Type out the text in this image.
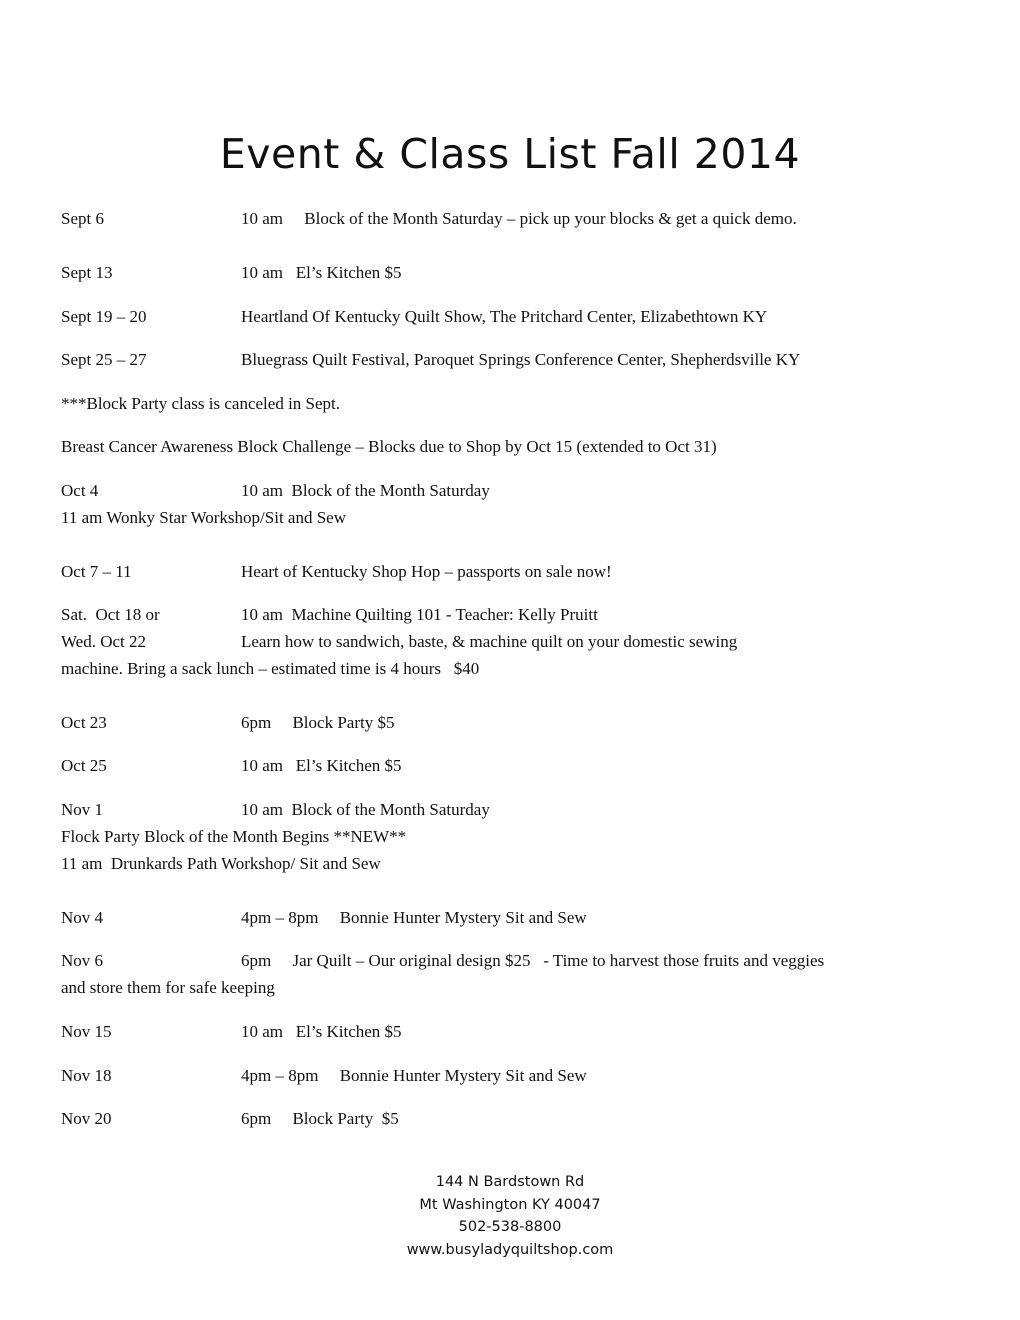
Event & Class List Fall 2014
Sept 6	10 am     Block of the Month Saturday – pick up your blocks & get a quick demo.
Sept 13	10 am   El’s Kitchen $5
Sept 19 – 20	Heartland Of Kentucky Quilt Show, The Pritchard Center, Elizabethtown KY
Sept 25 – 27	Bluegrass Quilt Festival, Paroquet Springs Conference Center, Shepherdsville KY
***Block Party class is canceled in Sept.
Breast Cancer Awareness Block Challenge – Blocks due to Shop by Oct 15 (extended to Oct 31)
Oct 4	10 am  Block of the Month Saturday
11 am Wonky Star Workshop/Sit and Sew
Oct 7 – 11	Heart of Kentucky Shop Hop – passports on sale now!
Sat.  Oct 18 or	10 am  Machine Quilting 101 - Teacher: Kelly Pruitt
Wed. Oct 22	Learn how to sandwich, baste, & machine quilt on your domestic sewing
machine. Bring a sack lunch – estimated time is 4 hours   $40
Oct 23	6pm     Block Party $5
Oct 25	10 am   El’s Kitchen $5
Nov 1	10 am  Block of the Month Saturday
Flock Party Block of the Month Begins **NEW**
11 am  Drunkards Path Workshop/ Sit and Sew
Nov 4	4pm – 8pm     Bonnie Hunter Mystery Sit and Sew
Nov 6	6pm     Jar Quilt – Our original design $25   - Time to harvest those fruits and veggies
and store them for safe keeping
Nov 15	10 am   El’s Kitchen $5
Nov 18	4pm – 8pm     Bonnie Hunter Mystery Sit and Sew
Nov 20	6pm     Block Party  $5
144 N Bardstown Rd
Mt Washington KY 40047
502-538-8800
www.busyladyquiltshop.com
